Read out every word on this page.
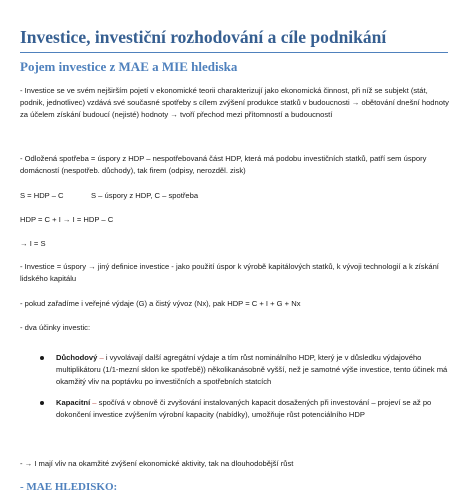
Investice, investiční rozhodování a cíle podnikání
Pojem investice z MAE a MIE hlediska

- Investice se ve svém nejširším pojetí v ekonomické teorii charakterizují jako ekonomická činnost, při níž se subjekt (stát, podnik, jednotlivec) vzdává své současné spotřeby s cílem zvýšení produkce statků v budoucnosti → obětování dnešní hodnoty za účelem získání budoucí (nejisté) hodnoty → tvoří přechod mezi přítomností a budoucností

- Odložená spotřeba = úspory z HDP – nespotřebovaná část HDP, která má podobu investičních statků, patří sem úspory domácností (nespotřeb. důchody), tak firem (odpisy, nerozděl. zisk)

S = HDP – C             S – úspory z HDP, C – spotřeba

HDP = C + I → I = HDP – C

→ I = S

- Investice = úspory → jiný definice investice - jako použití úspor k výrobě kapitálových statků, k vývoji technologií a k získání lidského kapitálu

- pokud zařadíme i veřejné výdaje (G) a čistý vývoz (Nx), pak HDP = C + I + G + Nx

- dva účinky investic:

Důchodový – i vyvolávají další agregátní výdaje a tím růst nominálního HDP, který je v důsledku výdajového multiplikátoru (1/1-mezní sklon ke spotřebě)) několikanásobně vyšší, než je samotné výše investice, tento účinek má okamžitý vliv na poptávku po investičních a spotřebních statcích
Kapacitní – spočívá v obnově či zvyšování instalovaných kapacit dosažených při investování – projeví se až po dokončení investice zvýšením výrobní kapacity (nabídky), umožňuje růst potenciálního HDP

- → I mají vliv na okamžité zvýšení ekonomické aktivity, tak na dlouhodobější růst

- MAE HLEDISKO:
